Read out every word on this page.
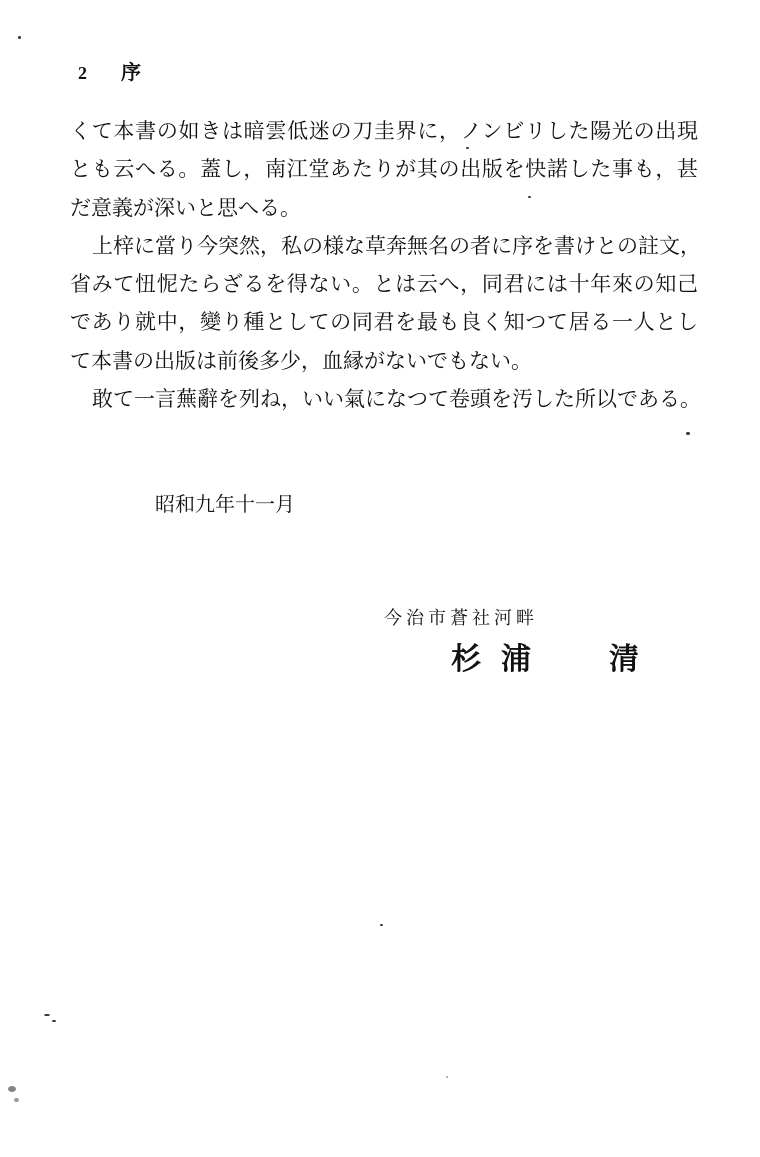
2 序
くて本書の如きは暗雲低迷の刀圭界に，ノンビリした陽光の出現
とも云へる。蓋し，南江堂あたりが其の出版を快諾した事も，甚
だ意義が深いと思へる。
上梓に當り今突然，私の様な草奔無名の者に序を書けとの註文，
省みて忸怩たらざるを得ない。とは云へ，同君には十年來の知己
であり就中，變り種としての同君を最も良く知つて居る一人とし
て本書の出版は前後多少，血縁がないでもない。
敢て一言蕪辭を列ね，いい氣になつて卷頭を汚した所以である。
昭和九年十一月
今治市蒼社河畔
杉浦 清
